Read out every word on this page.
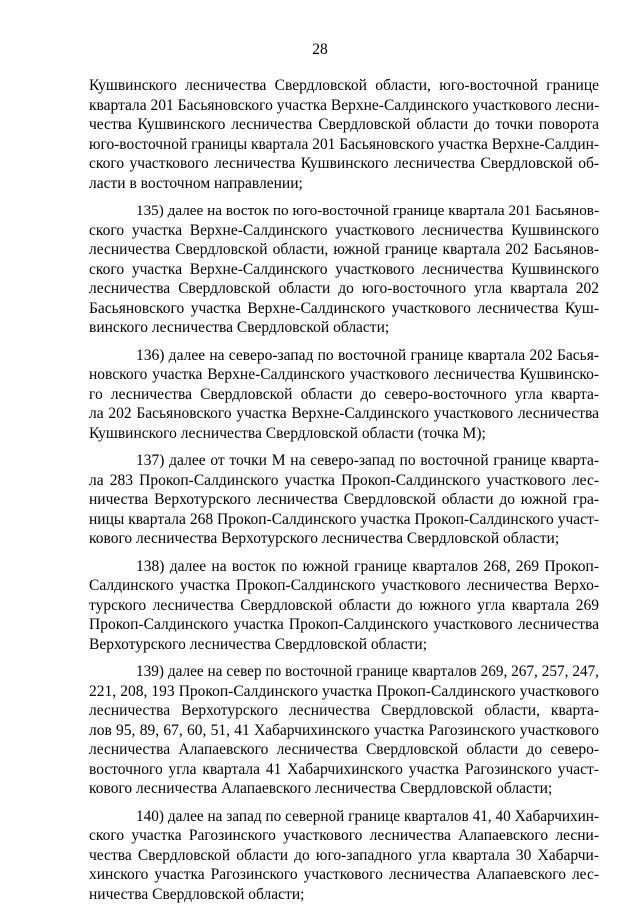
28
Кушвинского лесничества Свердловской области, юго-восточной границе
квартала 201 Басьяновского участка Верхне-Салдинского участкового лесни-
чества Кушвинского лесничества Свердловской области до точки поворота
юго-восточной границы квартала 201 Басьяновского участка Верхне-Салдин-
ского участкового лесничества Кушвинского лесничества Свердловской об-
ласти в восточном направлении;
135) далее на восток по юго-восточной границе квартала 201 Басьянов-
ского участка Верхне-Салдинского участкового лесничества Кушвинского
лесничества Свердловской области, южной границе квартала 202 Басьянов-
ского участка Верхне-Салдинского участкового лесничества Кушвинского
лесничества Свердловской области до юго-восточного угла квартала 202
Басьяновского участка Верхне-Салдинского участкового лесничества Куш-
винского лесничества Свердловской области;
136) далее на северо-запад по восточной границе квартала 202 Басья-
новского участка Верхне-Салдинского участкового лесничества Кушвинско-
го лесничества Свердловской области до северо-восточного угла кварта-
ла 202 Басьяновского участка Верхне-Салдинского участкового лесничества
Кушвинского лесничества Свердловской области (точка М);
137) далее от точки М на северо-запад по восточной границе кварта-
ла 283 Прокоп-Салдинского участка Прокоп-Салдинского участкового лес-
ничества Верхотурского лесничества Свердловской области до южной гра-
ницы квартала 268 Прокоп-Салдинского участка Прокоп-Салдинского участ-
кового лесничества Верхотурского лесничества Свердловской области;
138) далее на восток по южной границе кварталов 268, 269 Прокоп-
Салдинского участка Прокоп-Салдинского участкового лесничества Верхо-
турского лесничества Свердловской области до южного угла квартала 269
Прокоп-Салдинского участка Прокоп-Салдинского участкового лесничества
Верхотурского лесничества Свердловской области;
139) далее на север по восточной границе кварталов 269, 267, 257, 247,
221, 208, 193 Прокоп-Салдинского участка Прокоп-Салдинского участкового
лесничества Верхотурского лесничества Свердловской области, кварта-
лов 95, 89, 67, 60, 51, 41 Хабарчихинского участка Рагозинского участкового
лесничества Алапаевского лесничества Свердловской области до северо-
восточного угла квартала 41 Хабарчихинского участка Рагозинского участ-
кового лесничества Алапаевского лесничества Свердловской области;
140) далее на запад по северной границе кварталов 41, 40 Хабарчихин-
ского участка Рагозинского участкового лесничества Алапаевского лесни-
чества Свердловской области до юго-западного угла квартала 30 Хабарчи-
хинского участка Рагозинского участкового лесничества Алапаевского лес-
ничества Свердловской области;
